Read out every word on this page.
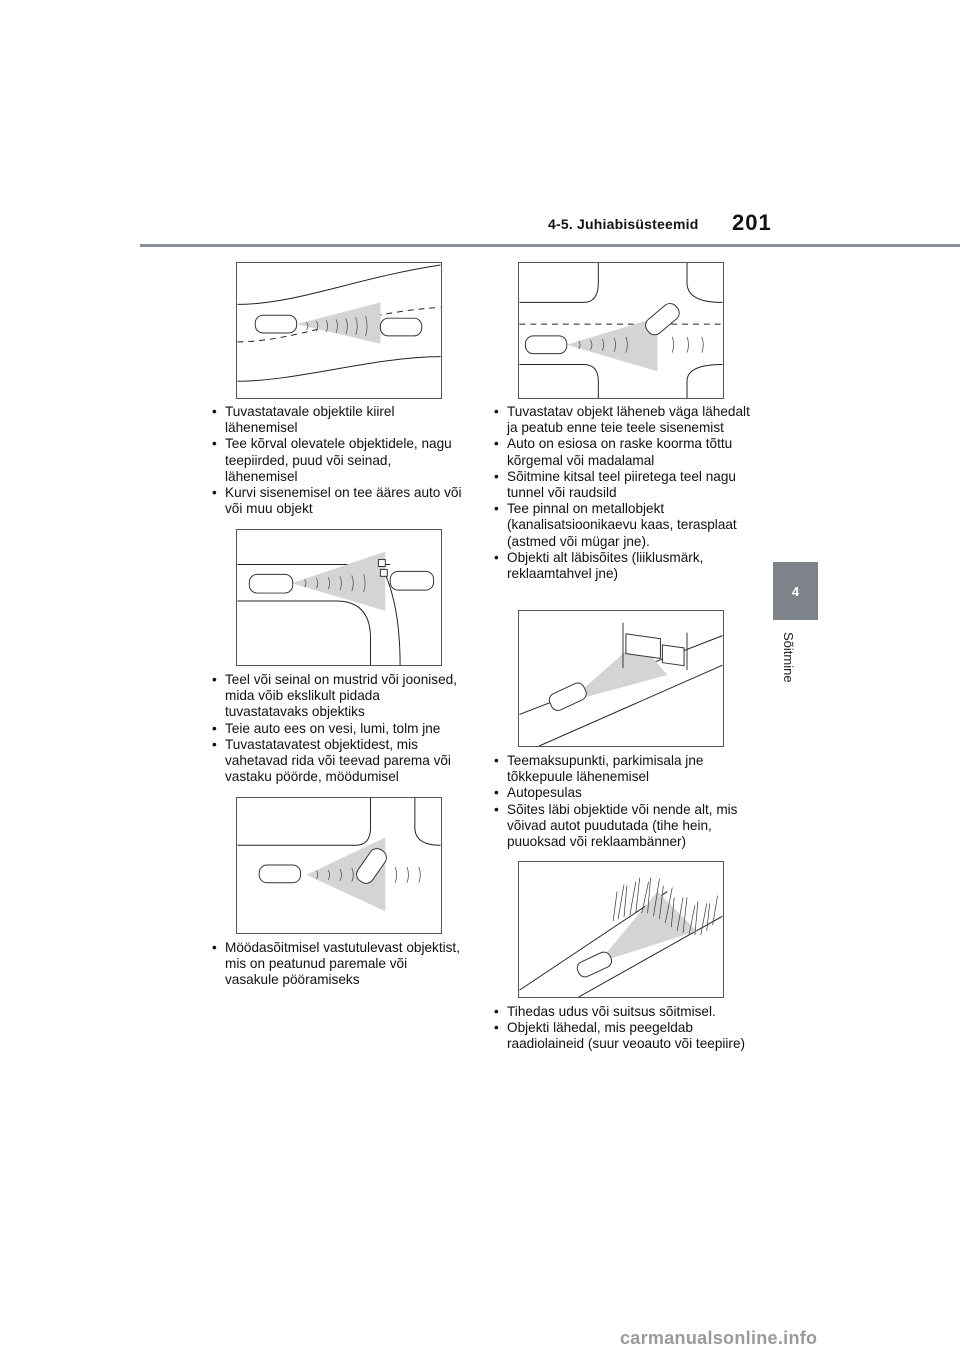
4-5. Juhiabisüsteemid 201
4
Sõitmine
• Tuvastatavale objektile kiirel lähenemisel
• Tee kõrval olevatele objektidele, nagu teepiirded, puud või seinad, lähenemisel
• Kurvi sisenemisel on tee ääres auto või või muu objekt
• Teel või seinal on mustrid või joonised, mida võib ekslikult pidada tuvastatavaks objektiks
• Teie auto ees on vesi, lumi, tolm jne
• Tuvastatavatest objektidest, mis vahetavad rida või teevad parema või vastaku pöörde, möödumisel
• Möödasõitmisel vastutulevast objektist, mis on peatunud paremale või vasakule pööramiseks
• Tuvastatav objekt läheneb väga lähedalt ja peatub enne teie teele sisenemist
• Auto on esiosa on raske koorma tõttu kõrgemal või madalamal
• Sõitmine kitsal teel piiretega teel nagu tunnel või raudsild
• Tee pinnal on metallobjekt (kanalisatsioonikaevu kaas, terasplaat (astmed või mügar jne).
• Objekti alt läbisõites (liiklusmärk, reklaamtahvel jne)
• Teemaksupunkti, parkimisala jne tõkkepuule lähenemisel
• Autopesulas
• Sõites läbi objektide või nende alt, mis võivad autot puudutada (tihe hein, puuoksad või reklaambänner)
• Tihedas udus või suitsus sõitmisel.
• Objekti lähedal, mis peegeldab raadiolaineid (suur veoauto või teepiire)
carmanualsonline.info
